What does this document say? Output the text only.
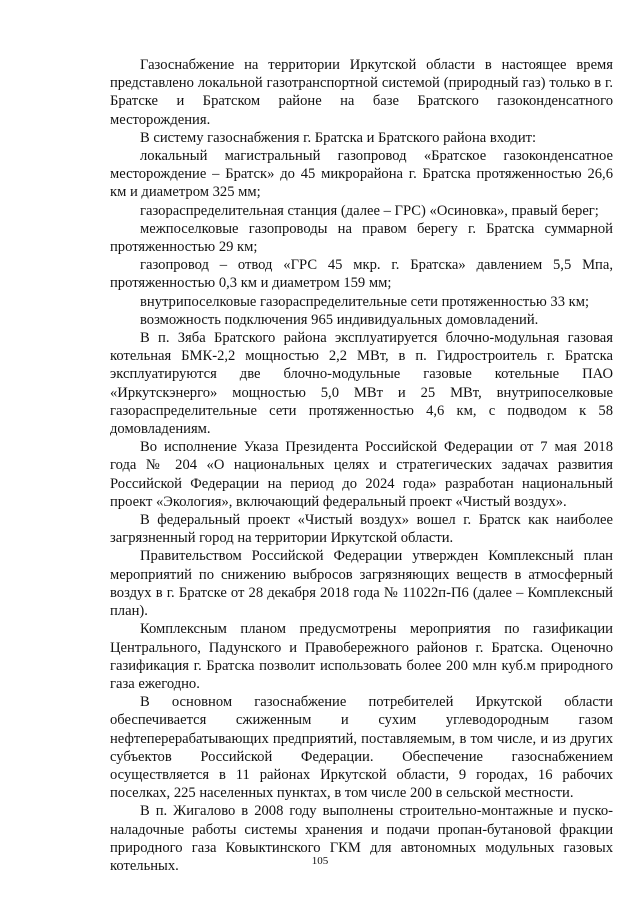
Газоснабжение на территории Иркутской области в настоящее время представлено локальной газотранспортной системой (природный газ) только в г. Братске и Братском районе на базе Братского газоконденсатного месторождения.

В систему газоснабжения г. Братска и Братского района входит:

локальный магистральный газопровод «Братское газоконденсатное месторождение – Братск» до 45 микрорайона г. Братска протяженностью 26,6 км и диаметром 325 мм;

газораспределительная станция (далее – ГРС) «Осиновка», правый берег;

межпоселковые газопроводы на правом берегу г. Братска суммарной протяженностью 29 км;

газопровод – отвод «ГРС 45 мкр. г. Братска» давлением 5,5 Мпа, протяженностью 0,3 км и диаметром 159 мм;

внутрипоселковые газораспределительные сети протяженностью 33 км;

возможность подключения 965 индивидуальных домовладений.

В п. Зяба Братского района эксплуатируется блочно-модульная газовая котельная БМК-2,2 мощностью 2,2 МВт, в п. Гидростроитель г. Братска эксплуатируются две блочно-модульные газовые котельные ПАО «Иркутскэнерго» мощностью 5,0 МВт и 25 МВт, внутрипоселковые газораспределительные сети протяженностью 4,6 км, с подводом к 58 домовладениям.

Во исполнение Указа Президента Российской Федерации от 7 мая 2018 года № 204 «О национальных целях и стратегических задачах развития Российской Федерации на период до 2024 года» разработан национальный проект «Экология», включающий федеральный проект «Чистый воздух».

В федеральный проект «Чистый воздух» вошел г. Братск как наиболее загрязненный город на территории Иркутской области.

Правительством Российской Федерации утвержден Комплексный план мероприятий по снижению выбросов загрязняющих веществ в атмосферный воздух в г. Братске от 28 декабря 2018 года № 11022п-П6 (далее – Комплексный план).

Комплексным планом предусмотрены мероприятия по газификации Центрального, Падунского и Правобережного районов г. Братска. Оценочно газификация г. Братска позволит использовать более 200 млн куб.м природного газа ежегодно.

В основном газоснабжение потребителей Иркутской области обеспечивается сжиженным и сухим углеводородным газом нефтеперерабатывающих предприятий, поставляемым, в том числе, и из других субъектов Российской Федерации. Обеспечение газоснабжением осуществляется в 11 районах Иркутской области, 9 городах, 16 рабочих поселках, 225 населенных пунктах, в том числе 200 в сельской местности.

В п. Жигалово в 2008 году выполнены строительно-монтажные и пуско-наладочные работы системы хранения и подачи пропан-бутановой фракции природного газа Ковыктинского ГКМ для автономных модульных газовых котельных.	105
